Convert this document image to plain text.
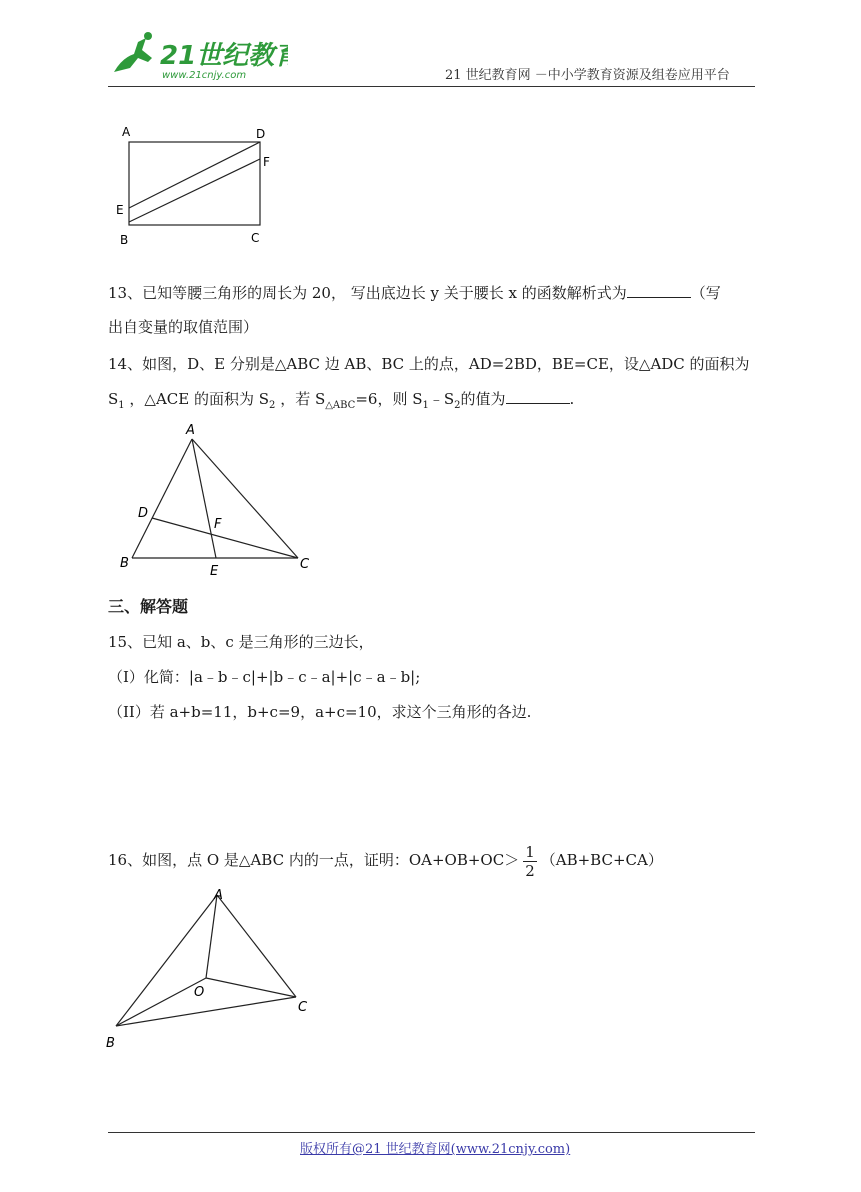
21世纪教育
www.21cnjy.com	21 世纪教育网 －中小学教育资源及组卷应用平台
A	D
F
E
B	C
13、已知等腰三角形的周长为 20， 写出底边长 y 关于腰长 x 的函数解析式为	（写
出自变量的取值范围）
14、如图，D、E 分别是△ABC 边 AB、BC 上的点，AD=2BD，BE=CE，设△ADC 的面积为
$S_1$ ，△ACE 的面积为 $S_2$ ，若 $S_{\triangle ABC}=6$，则 $S_1﹣S_2$的值为	.
A
D
F
B
E	C
三、解答题
15、已知 a、b、c 是三角形的三边长，
（I）化简：|a﹣b﹣c|+|b﹣c﹣a|+|c﹣a﹣b|;
（II）若 a+b=11，b+c=9，a+c=10，求这个三角形的各边.
16、如图，点 O 是△ABC 内的一点，证明：$OA+OB+OC> \frac{1}{2} (AB+BC+CA)$
A
O
C
B
版权所有@21 世纪教育网(www.21cnjy.com)
